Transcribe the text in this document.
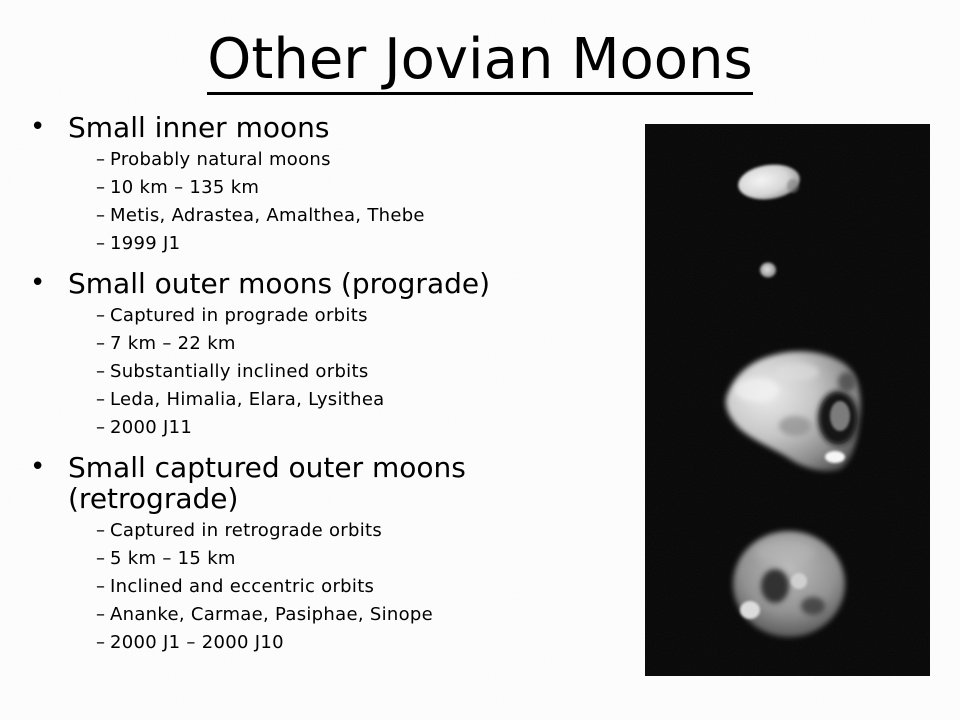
Other Jovian Moons
• Small inner moons
– Probably natural moons
– 10 km – 135 km
– Metis, Adrastea, Amalthea, Thebe
– 1999 J1
• Small outer moons (prograde)
– Captured in prograde orbits
– 7 km – 22 km
– Substantially inclined orbits
– Leda, Himalia, Elara, Lysithea
– 2000 J11
• Small captured outer moons (retrograde)
– Captured in retrograde orbits
– 5 km – 15 km
– Inclined and eccentric orbits
– Ananke, Carmae, Pasiphae, Sinope
– 2000 J1 – 2000 J10
